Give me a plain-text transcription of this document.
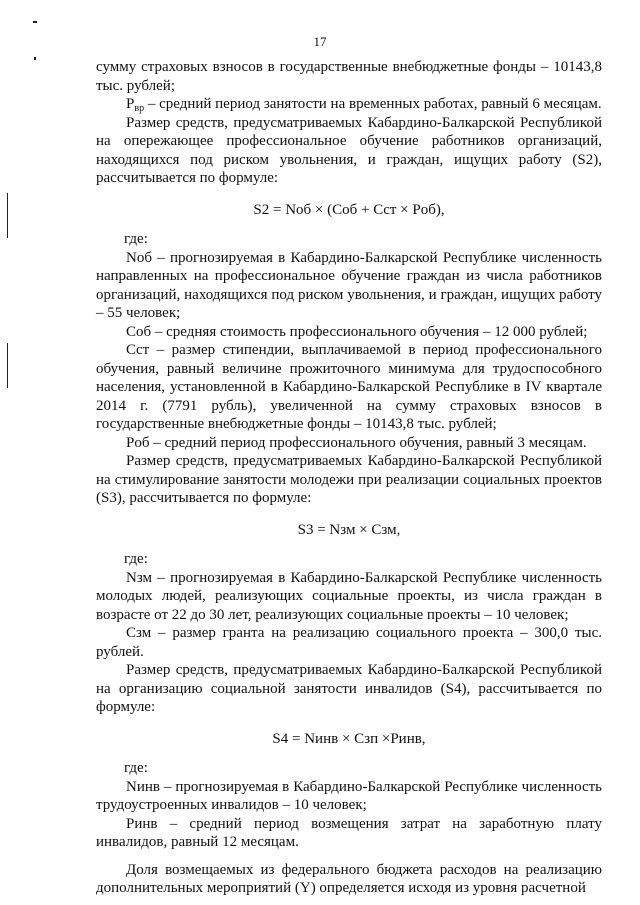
17

сумму страховых взносов в государственные внебюджетные фонды – 10143,8 тыс. рублей;

$P_{вр}$ – средний период занятости на временных работах, равный 6 месяцам.

Размер средств, предусматриваемых Кабардино-Балкарской Республикой на опережающее профессиональное обучение работников организаций, находящихся под риском увольнения, и граждан, ищущих работу (S2), рассчитывается по формуле:

S2 = Nоб × (Cоб + Cст × Pоб),

где:

Nоб – прогнозируемая в Кабардино-Балкарской Республике численность направленных на профессиональное обучение граждан из числа работников организаций, находящихся под риском увольнения, и граждан, ищущих работу – 55 человек;

Cоб – средняя стоимость профессионального обучения – 12 000 рублей;

Cст – размер стипендии, выплачиваемой в период профессионального обучения, равный величине прожиточного минимума для трудоспособного населения, установленной в Кабардино-Балкарской Республике в IV квартале 2014 г. (7791 рубль), увеличенной на сумму страховых взносов в государственные внебюджетные фонды – 10143,8 тыс. рублей;

Pоб – средний период профессионального обучения, равный 3 месяцам.

Размер средств, предусматриваемых Кабардино-Балкарской Республикой на стимулирование занятости молодежи при реализации социальных проектов (S3), рассчитывается по формуле:

S3 = Nзм × Cзм,

где:

Nзм – прогнозируемая в Кабардино-Балкарской Республике численность молодых людей, реализующих социальные проекты, из числа граждан в возрасте от 22 до 30 лет, реализующих социальные проекты – 10 человек;

Cзм – размер гранта на реализацию социального проекта – 300,0 тыс. рублей.

Размер средств, предусматриваемых Кабардино-Балкарской Республикой на организацию социальной занятости инвалидов (S4), рассчитывается по формуле:

S4 = Nинв × Cзп ×Pинв,

где:

Nинв – прогнозируемая в Кабардино-Балкарской Республике численность трудоустроенных инвалидов – 10 человек;

Pинв – средний период возмещения затрат на заработную плату инвалидов, равный 12 месяцам.

Доля возмещаемых из федерального бюджета расходов на реализацию дополнительных мероприятий (Y) определяется исходя из уровня расчетной
